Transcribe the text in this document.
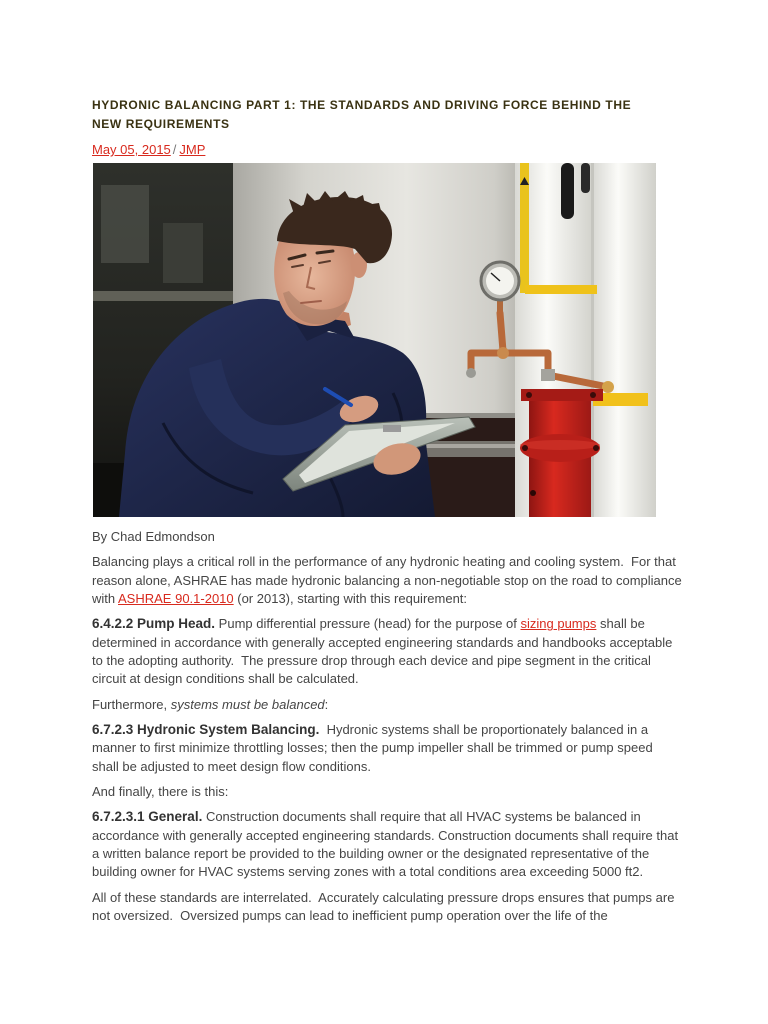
HYDRONIC BALANCING PART 1: THE STANDARDS AND DRIVING FORCE BEHIND THE
NEW REQUIREMENTS
May 05, 2015 / JMP

By Chad Edmondson

Balancing plays a critical roll in the performance of any hydronic heating and cooling system.  For that
reason alone, ASHRAE has made hydronic balancing a non-negotiable stop on the road to compliance
with ASHRAE 90.1-2010 (or 2013), starting with this requirement:

6.4.2.2 Pump Head. Pump differential pressure (head) for the purpose of sizing pumps shall be
determined in accordance with generally accepted engineering standards and handbooks acceptable
to the adopting authority.  The pressure drop through each device and pipe segment in the critical
circuit at design conditions shall be calculated.

Furthermore, systems must be balanced:

6.7.2.3 Hydronic System Balancing.  Hydronic systems shall be proportionately balanced in a
manner to first minimize throttling losses; then the pump impeller shall be trimmed or pump speed
shall be adjusted to meet design flow conditions.

And finally, there is this:

6.7.2.3.1 General. Construction documents shall require that all HVAC systems be balanced in
accordance with generally accepted engineering standards. Construction documents shall require that
a written balance report be provided to the building owner or the designated representative of the
building owner for HVAC systems serving zones with a total conditions area exceeding 5000 ft2.

All of these standards are interrelated.  Accurately calculating pressure drops ensures that pumps are
not oversized.  Oversized pumps can lead to inefficient pump operation over the life of the
